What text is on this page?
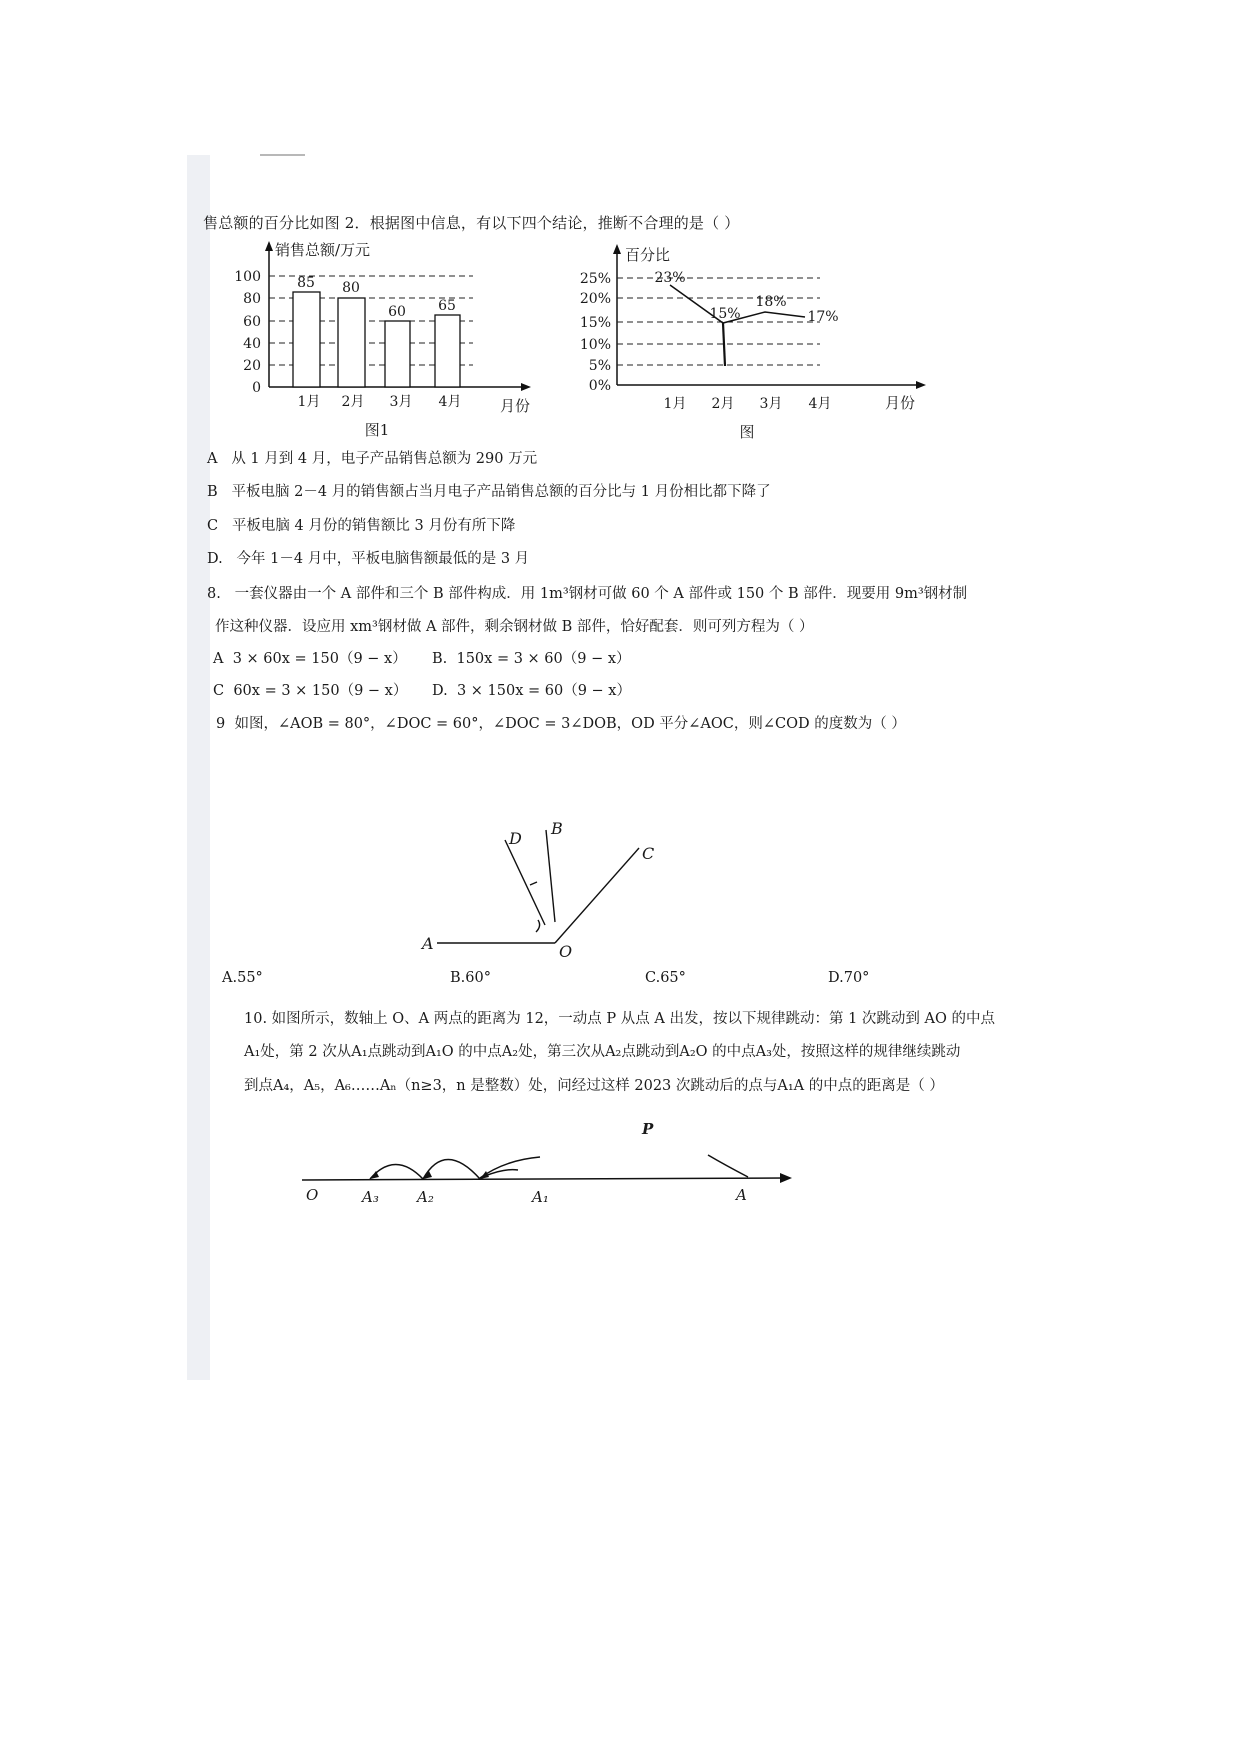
售总额的百分比如图 2．根据图中信息，有以下四个结论，推断不合理的是（ ）
100
80
60
40
20
0
85 80
60 65
1月 2月 3月 4月	月份
销售总额/万元
图1
25%
20%
15%
10%
5%
0%
23%
15%
18%
17%
1月 2月 3月 4月	月份
百分比
图
A 从 1 月到 4 月，电子产品销售总额为 290 万元
B 平板电脑 2－4 月的销售额占当月电子产品销售总额的百分比与 1 月份相比都下降了
C 平板电脑 4 月份的销售额比 3 月份有所下降
D. 今年 1－4 月中，平板电脑售额最低的是 3 月
8. 一套仪器由一个 A 部件和三个 B 部件构成．用 1m³钢材可做 60 个 A 部件或 150 个 B 部件．现要用 9m³钢材制
作这种仪器．设应用 xm³钢材做 A 部件，剩余钢材做 B 部件，恰好配套．则可列方程为（ ）
A 3 × 60x = 150（9 − x） B. 150x = 3 × 60（9 − x）
C 60x = 3 × 150（9 − x） D. 3 × 150x = 60（9 − x）
9 如图，∠AOB = 80°，∠DOC = 60°，∠DOC = 3∠DOB，OD 平分∠AOC，则∠COD 的度数为（ ）
A
B
C
D
O
A.55°	B.60°	C.65°	D.70°
10. 如图所示，数轴上 O、A 两点的距离为 12，一动点 P 从点 A 出发，按以下规律跳动：第 1 次跳动到 AO 的中点
A₁处，第 2 次从A₁点跳动到A₁O 的中点A₂处，第三次从A₂点跳动到A₂O 的中点A₃处，按照这样的规律继续跳动
到点A₄，A₅，A₆……Aₙ（n≥3，n 是整数）处，问经过这样 2023 次跳动后的点与A₁A 的中点的距离是（ ）
O	A₃	A₂	A₁	A
P
